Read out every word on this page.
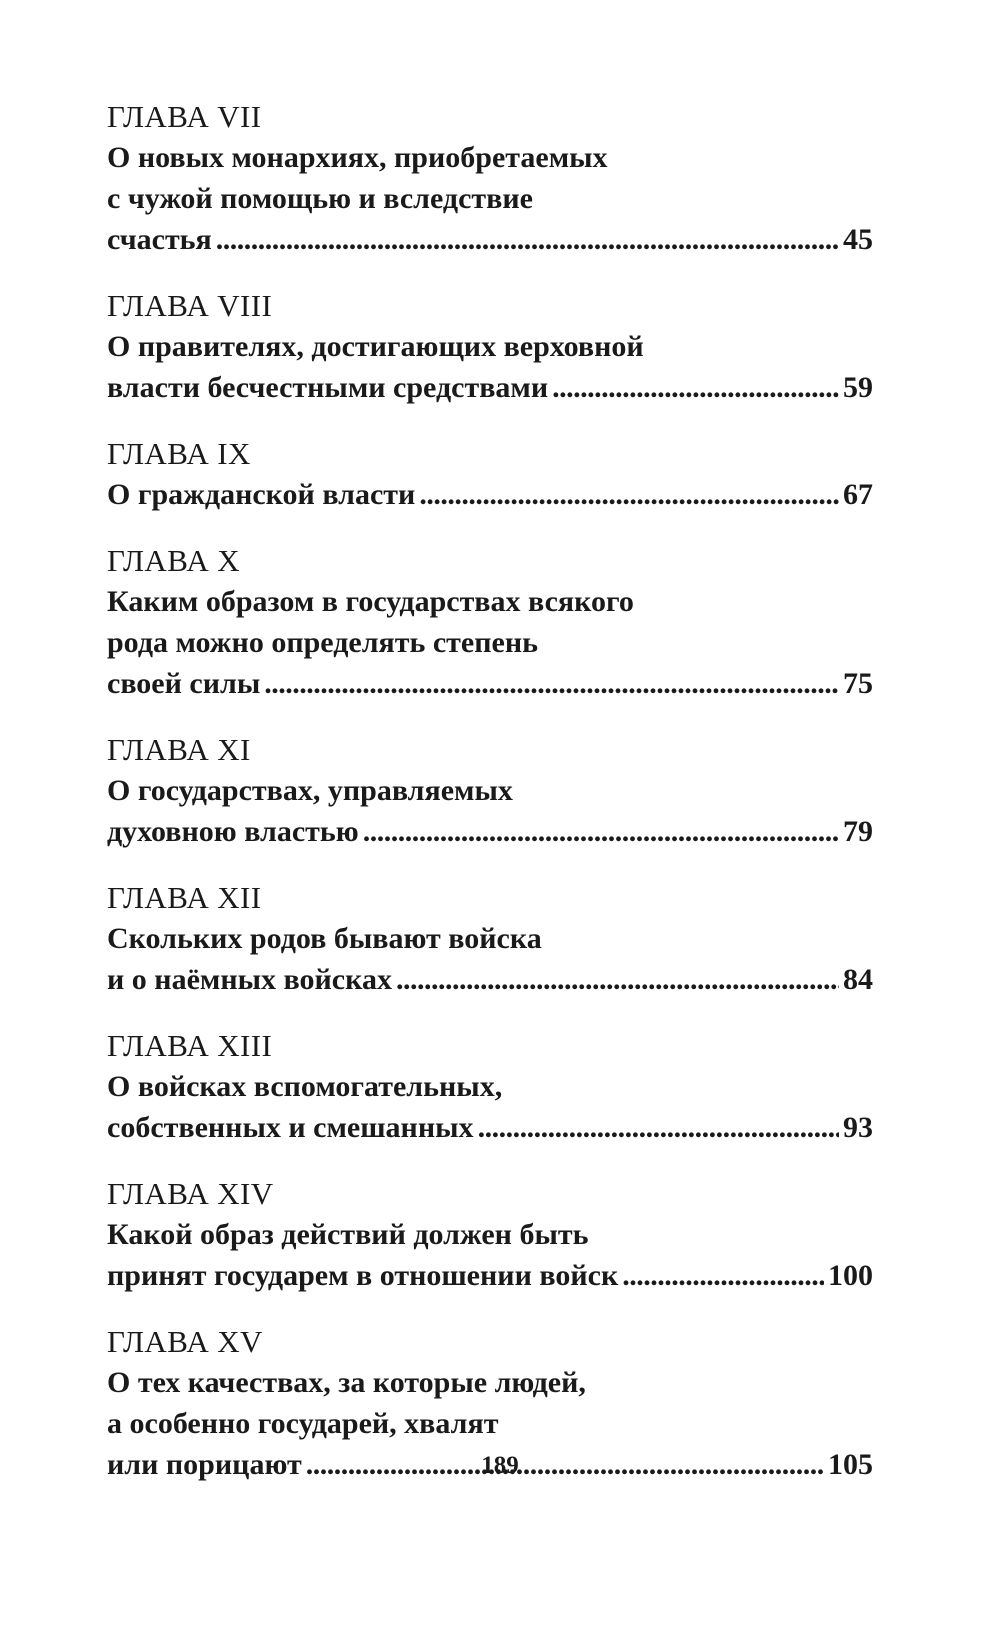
ГЛАВА VII
О новых монархиях, приобретаемых
с чужой помощью и вследствие
счастья . . .	45
ГЛАВА VIII
О правителях, достигающих верховной
власти бесчестными средствами . . .	59
ГЛАВА IX
О гражданской власти . . .	67
ГЛАВА X
Каким образом в государствах всякого
рода можно определять степень
своей силы . . .	75
ГЛАВА XI
О государствах, управляемых
духовною властью . . .	79
ГЛАВА XII
Скольких родов бывают войска
и о наёмных войсках . . .	84
ГЛАВА XIII
О войсках вспомогательных,
собственных и смешанных . . .	93
ГЛАВА XIV
Какой образ действий должен быть
принят государем в отношении войск . . .	100
ГЛАВА XV
О тех качествах, за которые людей,
а особенно государей, хвалят
или порицают . . .	105
189
